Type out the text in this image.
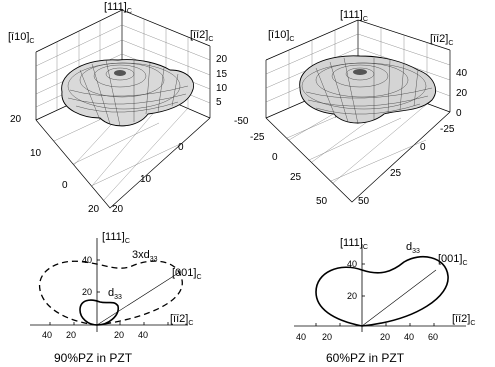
$[111]_C$
$[ī10]_C$
$[īī2]_C$
20
15
10
5
20
10
0
0
10
20
20
$[111]_C$
$[ī10]_C$	$[īī2]_C$
40
20
0
-50
-25
0
25
50
-25
0
25
50
$[111]_C$
$3xd_{33}$
$[001]_C$
$d_{33}$
$[īī2]_C$
40
20
40 20	20 40
90%PZ in PZT
$[111]_C$	$d_{33}$
$[001]_C$
$[īī2]_C$
40
20
40 20	20 40 60
60%PZ in PZT
